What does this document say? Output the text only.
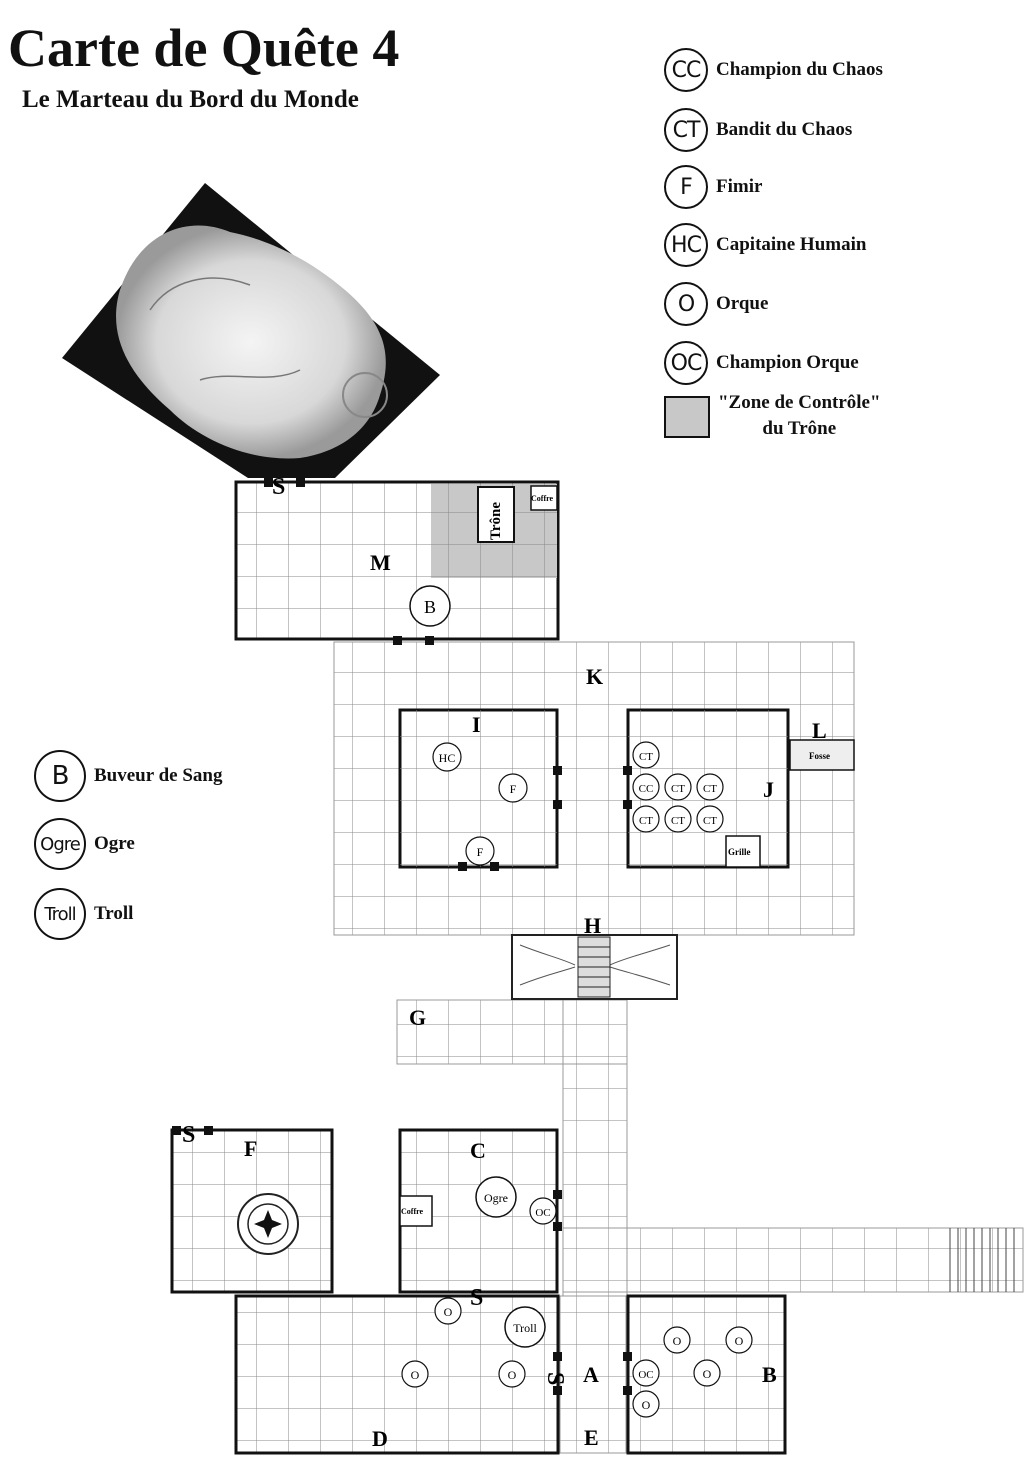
Carte de Quête 4
Le Marteau du Bord du Monde
CC Champion du Chaos
CT Bandit du Chaos
F	Fimir
HC Capitaine Humain
O	Orque
OC Champion Orque
"Zone de Contrôle"
du Trône
B	Buveur de Sang
Ogre Ogre
Troll Troll
Trône
Coffre
Coffre
Fosse
Grille
M
K
I
J
L
H
G
F	C
D
A	B
E
S
S
S
S
B
HC
F
F
CT
CC CT CT
CT CT CT
Ogre
OC
Troll
O
O	O
O	O
OC	O
O
